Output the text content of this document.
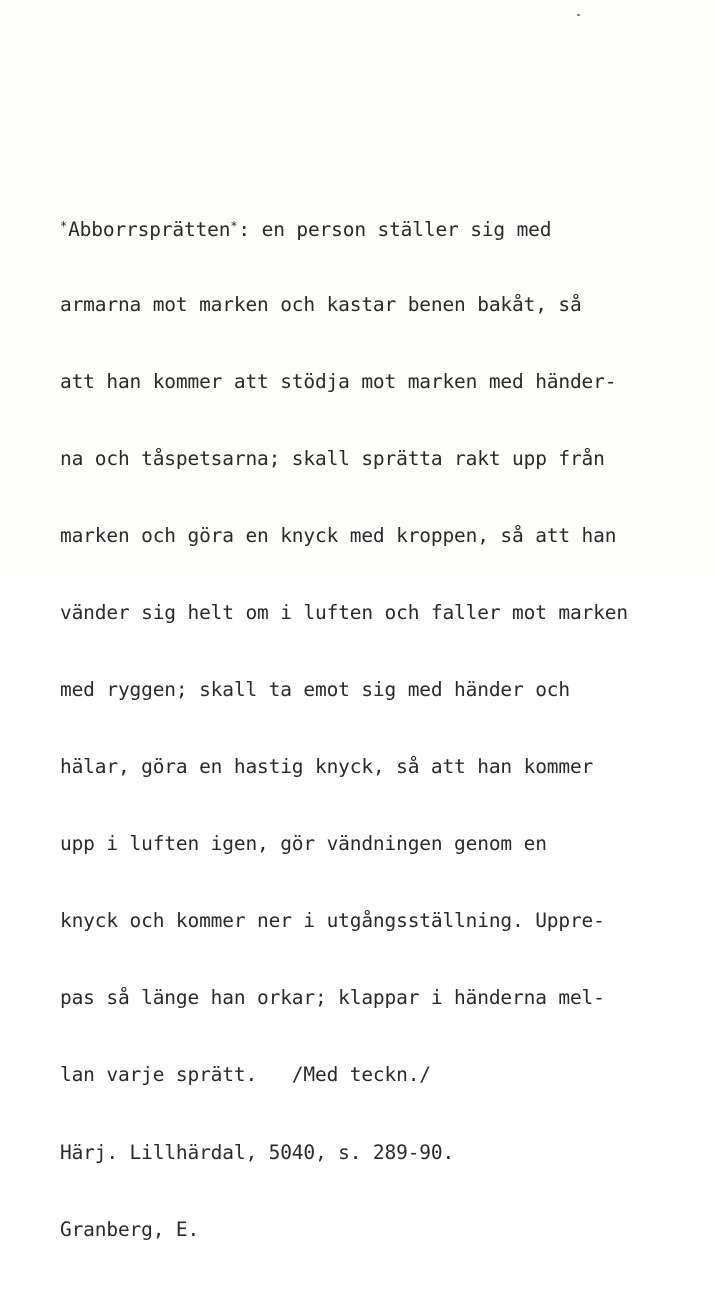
*Abborrsprätten*: en person ställer sig med

armarna mot marken och kastar benen bakåt, så

att han kommer att stödja mot marken med händer-

na och tåspetsarna; skall sprätta rakt upp från

marken och göra en knyck med kroppen, så att han

vänder sig helt om i luften och faller mot marken

med ryggen; skall ta emot sig med händer och

hälar, göra en hastig knyck, så att han kommer

upp i luften igen, gör vändningen genom en

knyck och kommer ner i utgångsställning. Uppre-

pas så länge han orkar; klappar i händerna mel-

lan varje sprätt.   /Med teckn./

Härj. Lillhärdal, 5040, s. 289-90.

Granberg, E.
